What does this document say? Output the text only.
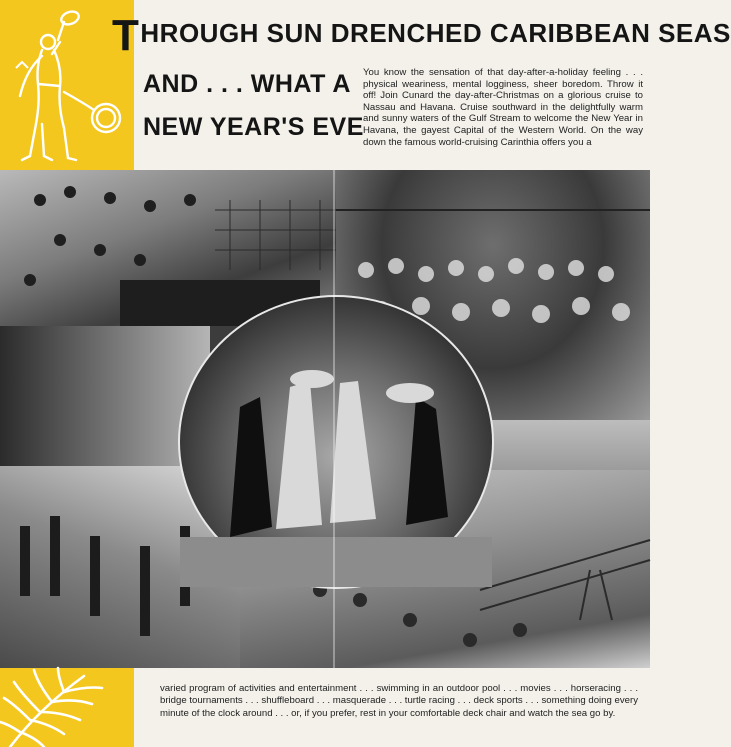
THROUGH SUN DRENCHED CARIBBEAN SEAS
AND . . . WHAT A
NEW YEAR'S EVE
You know the sensation of that day-after-a-holiday feeling . . . physical weariness, mental logginess, sheer boredom. Throw it off! Join Cunard the day-after-Christmas on a glorious cruise to Nassau and Havana. Cruise southward in the delightfully warm and sunny waters of the Gulf Stream to welcome the New Year in Havana, the gayest Capital of the Western World. On the way down the famous world-cruising Carinthia offers you a
varied program of activities and entertainment . . . swimming in an outdoor pool . . . movies . . . horseracing . . . bridge tournaments . . . shuffleboard . . . masquerade . . . turtle racing . . . deck sports . . . something doing every minute of the clock around . . . or, if you prefer, rest in your comfortable deck chair and watch the sea go by.
